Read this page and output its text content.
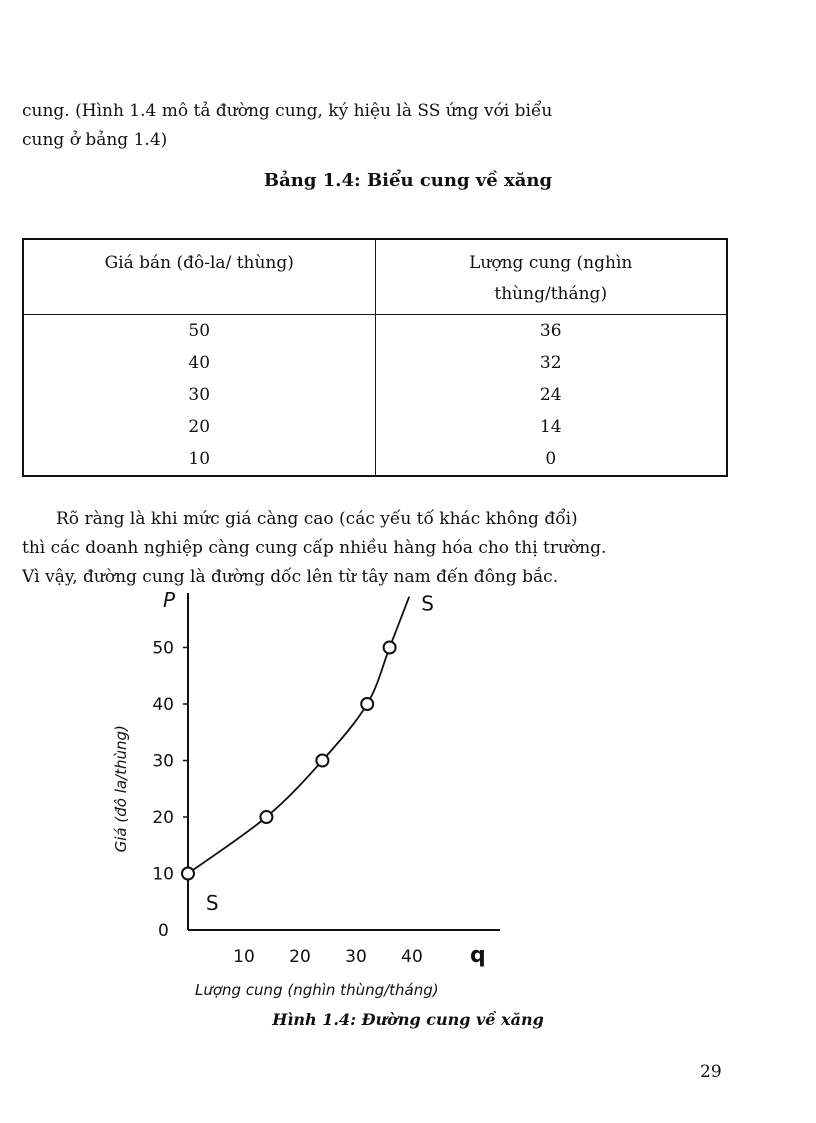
cung. (Hình 1.4 mô tả đường cung, ký hiệu là SS ứng với biểu
cung ở bảng 1.4)
Bảng 1.4: Biểu cung về xăng
Giá bán (đô-la/ thùng)	Lượng cung (nghìn
thùng/tháng)
50	36
40	32
30	24
20	14
10	0
Rõ ràng là khi mức giá càng cao (các yếu tố khác không đổi)
thì các doanh nghiệp càng cung cấp nhiều hàng hóa cho thị trường.
Vì vậy, đường cung là đường dốc lên từ tây nam đến đông bắc.
P
q
0
10
20
30
40
50
10 20 30 40
Giá (đô la/thùng)
Lượng cung (nghìn thùng/tháng)
S
S
Hình 1.4: Đường cung về xăng
29
